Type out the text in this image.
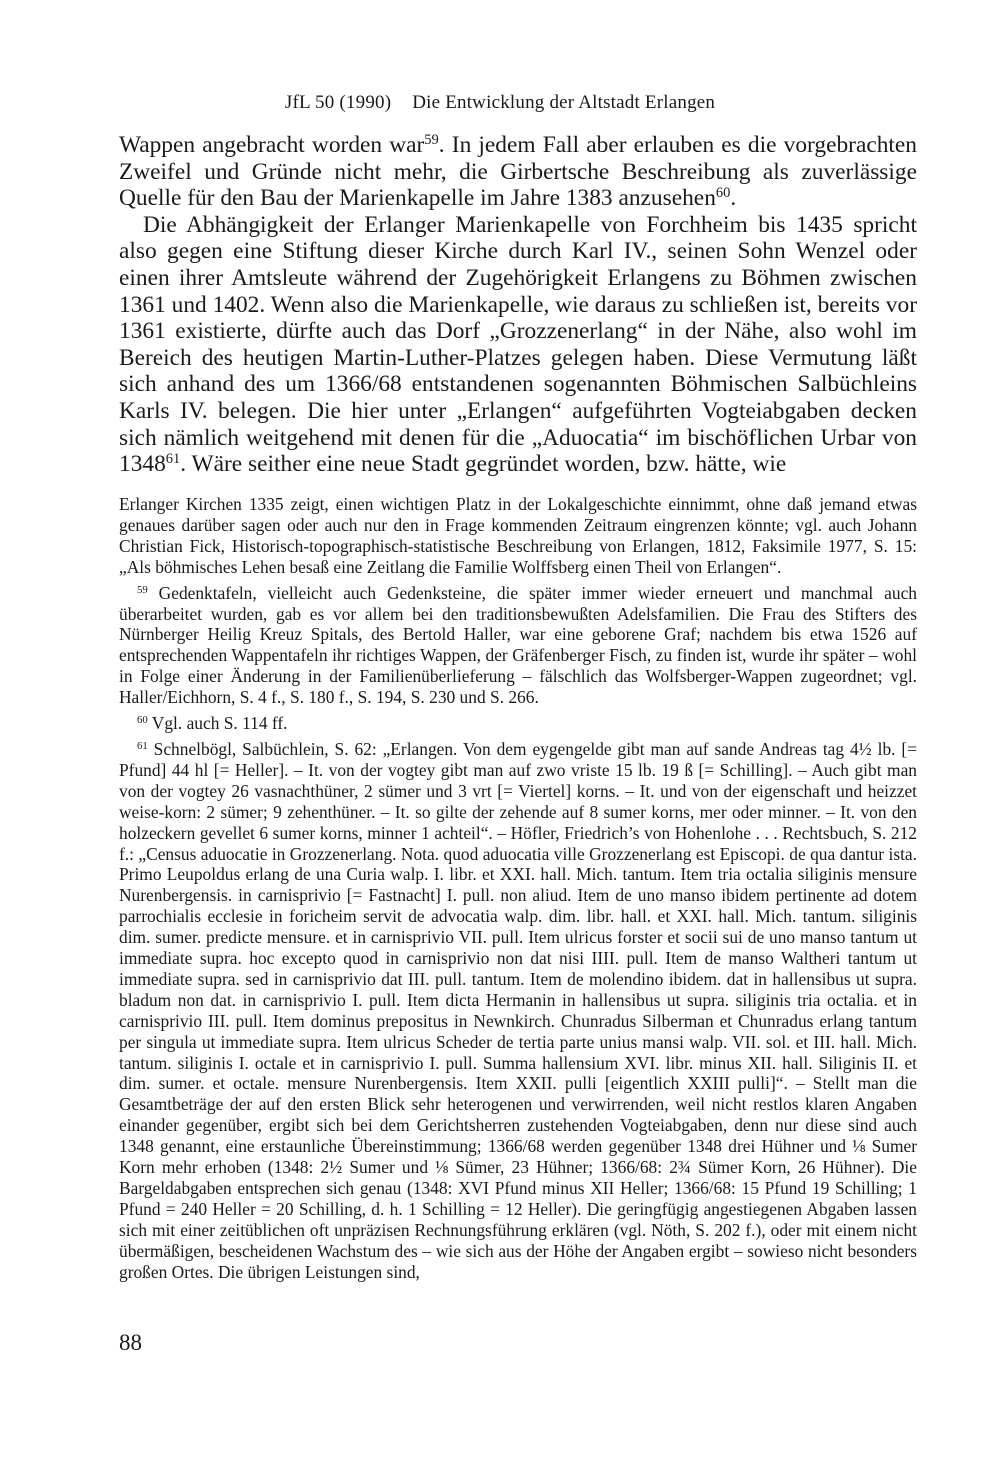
JfL 50 (1990) Die Entwicklung der Altstadt Erlangen

Wappen angebracht worden war$^{59}$. In jedem Fall aber erlauben es die vorgebrachten Zweifel und Gründe nicht mehr, die Girbertsche Beschreibung als zuverlässige Quelle für den Bau der Marienkapelle im Jahre 1383 anzusehen$^{60}$.

Die Abhängigkeit der Erlanger Marienkapelle von Forchheim bis 1435 spricht also gegen eine Stiftung dieser Kirche durch Karl IV., seinen Sohn Wenzel oder einen ihrer Amtsleute während der Zugehörigkeit Erlangens zu Böhmen zwischen 1361 und 1402. Wenn also die Marienkapelle, wie daraus zu schließen ist, bereits vor 1361 existierte, dürfte auch das Dorf „Grozzenerlang“ in der Nähe, also wohl im Bereich des heutigen Martin-Luther-Platzes gelegen haben. Diese Vermutung läßt sich anhand des um 1366/68 entstandenen sogenannten Böhmischen Salbüchleins Karls IV. belegen. Die hier unter „Erlangen“ aufgeführten Vogteiabgaben decken sich nämlich weitgehend mit denen für die „Aduocatia“ im bischöflichen Urbar von 1348$^{61}$. Wäre seither eine neue Stadt gegründet worden, bzw. hätte, wie

Erlanger Kirchen 1335 zeigt, einen wichtigen Platz in der Lokalgeschichte einnimmt, ohne daß jemand etwas genaues darüber sagen oder auch nur den in Frage kommenden Zeitraum eingrenzen könnte; vgl. auch Johann Christian Fick, Historisch-topographisch-statistische Beschreibung von Erlangen, 1812, Faksimile 1977, S. 15: „Als böhmisches Lehen besaß eine Zeitlang die Familie Wolffsberg einen Theil von Erlangen“.

$^{59}$ Gedenktafeln, vielleicht auch Gedenksteine, die später immer wieder erneuert und manchmal auch überarbeitet wurden, gab es vor allem bei den traditionsbewußten Adelsfamilien. Die Frau des Stifters des Nürnberger Heilig Kreuz Spitals, des Bertold Haller, war eine geborene Graf; nachdem bis etwa 1526 auf entsprechenden Wappentafeln ihr richtiges Wappen, der Gräfenberger Fisch, zu finden ist, wurde ihr später – wohl in Folge einer Änderung in der Familienüberlieferung – fälschlich das Wolfsberger-Wappen zugeordnet; vgl. Haller/Eichhorn, S. 4 f., S. 180 f., S. 194, S. 230 und S. 266.

$^{60}$ Vgl. auch S. 114 ff.

$^{61}$ Schnelbögl, Salbüchlein, S. 62: „Erlangen. Von dem eygengelde gibt man auf sande Andreas tag 4½ lb. [= Pfund] 44 hl [= Heller]. – It. von der vogtey gibt man auf zwo vriste 15 lb. 19 ß [= Schilling]. – Auch gibt man von der vogtey 26 vasnachthüner, 2 sümer und 3 vrt [= Viertel] korns. – It. und von der eigenschaft und heizzet weise-korn: 2 sümer; 9 zehenthüner. – It. so gilte der zehende auf 8 sumer korns, mer oder minner. – It. von den holzeckern gevellet 6 sumer korns, minner 1 achteil“. – Höfler, Friedrich’s von Hohenlohe . . . Rechtsbuch, S. 212 f.: „Census aduocatie in Grozzenerlang. Nota. quod aduocatia ville Grozzenerlang est Episcopi. de qua dantur ista. Primo Leupoldus erlang de una Curia walp. I. libr. et XXI. hall. Mich. tantum. Item tria octalia siliginis mensure Nurenbergensis. in carnisprivio [= Fastnacht] I. pull. non aliud. Item de uno manso ibidem pertinente ad dotem parrochialis ecclesie in foricheim servit de advocatia walp. dim. libr. hall. et XXI. hall. Mich. tantum. siliginis dim. sumer. predicte mensure. et in carnisprivio VII. pull. Item ulricus forster et socii sui de uno manso tantum ut immediate supra. hoc excepto quod in carnisprivio non dat nisi IIII. pull. Item de manso Waltheri tantum ut immediate supra. sed in carnisprivio dat III. pull. tantum. Item de molendino ibidem. dat in hallensibus ut supra. bladum non dat. in carnisprivio I. pull. Item dicta Hermanin in hallensibus ut supra. siliginis tria octalia. et in carnisprivio III. pull. Item dominus prepositus in Newnkirch. Chunradus Silberman et Chunradus erlang tantum per singula ut immediate supra. Item ulricus Scheder de tertia parte unius mansi walp. VII. sol. et III. hall. Mich. tantum. siliginis I. octale et in carnisprivio I. pull. Summa hallensium XVI. libr. minus XII. hall. Siliginis II. et dim. sumer. et octale. mensure Nurenbergensis. Item XXII. pulli [eigentlich XXIII pulli]“. – Stellt man die Gesamtbeträge der auf den ersten Blick sehr heterogenen und verwirrenden, weil nicht restlos klaren Angaben einander gegenüber, ergibt sich bei dem Gerichtsherren zustehenden Vogteiabgaben, denn nur diese sind auch 1348 genannt, eine erstaunliche Übereinstimmung; 1366/68 werden gegenüber 1348 drei Hühner und ⅛ Sumer Korn mehr erhoben (1348: 2½ Sumer und ⅛ Sümer, 23 Hühner; 1366/68: 2¾ Sümer Korn, 26 Hühner). Die Bargeldabgaben entsprechen sich genau (1348: XVI Pfund minus XII Heller; 1366/68: 15 Pfund 19 Schilling; 1 Pfund = 240 Heller = 20 Schilling, d. h. 1 Schilling = 12 Heller). Die geringfügig angestiegenen Abgaben lassen sich mit einer zeitüblichen oft unpräzisen Rechnungsführung erklären (vgl. Nöth, S. 202 f.), oder mit einem nicht übermäßigen, bescheidenen Wachstum des – wie sich aus der Höhe der Angaben ergibt – sowieso nicht besonders großen Ortes. Die übrigen Leistungen sind,

88
